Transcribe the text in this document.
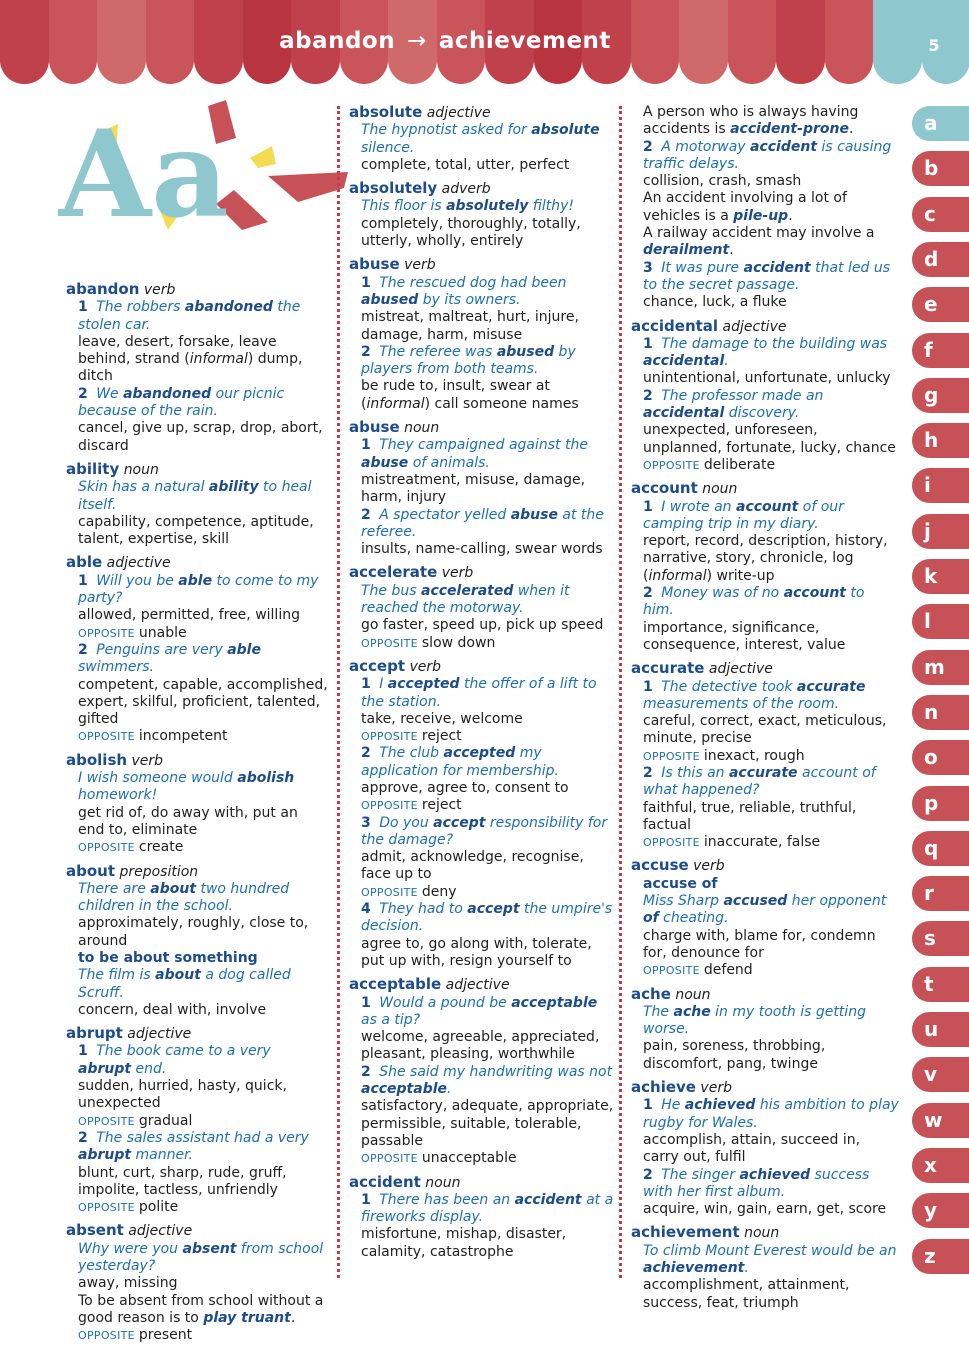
abandon → achievement	5
Aa
abandon verb
1 The robbers abandoned the stolen car.
leave, desert, forsake, leave behind, strand (informal) dump, ditch
2 We abandoned our picnic because of the rain.
cancel, give up, scrap, drop, abort, discard
ability noun
Skin has a natural ability to heal itself.
capability, competence, aptitude, talent, expertise, skill
able adjective
1 Will you be able to come to my party?
allowed, permitted, free, willing
OPPOSITE unable
2 Penguins are very able swimmers.
competent, capable, accomplished, expert, skilful, proficient, talented, gifted
OPPOSITE incompetent
abolish verb
I wish someone would abolish homework!
get rid of, do away with, put an end to, eliminate
OPPOSITE create
about preposition
There are about two hundred children in the school.
approximately, roughly, close to, around
to be about something
The film is about a dog called Scruff.
concern, deal with, involve
abrupt adjective
1 The book came to a very abrupt end.
sudden, hurried, hasty, quick, unexpected
OPPOSITE gradual
2 The sales assistant had a very abrupt manner.
blunt, curt, sharp, rude, gruff, impolite, tactless, unfriendly
OPPOSITE polite
absent adjective
Why were you absent from school yesterday?
away, missing
To be absent from school without a good reason is to play truant.
OPPOSITE present
absolute adjective
The hypnotist asked for absolute silence.
complete, total, utter, perfect
absolutely adverb
This floor is absolutely filthy!
completely, thoroughly, totally, utterly, wholly, entirely
abuse verb
1 The rescued dog had been abused by its owners.
mistreat, maltreat, hurt, injure, damage, harm, misuse
2 The referee was abused by players from both teams.
be rude to, insult, swear at (informal) call someone names
abuse noun
1 They campaigned against the abuse of animals.
mistreatment, misuse, damage, harm, injury
2 A spectator yelled abuse at the referee.
insults, name-calling, swear words
accelerate verb
The bus accelerated when it reached the motorway.
go faster, speed up, pick up speed
OPPOSITE slow down
accept verb
1 I accepted the offer of a lift to the station.
take, receive, welcome
OPPOSITE reject
2 The club accepted my application for membership.
approve, agree to, consent to
OPPOSITE reject
3 Do you accept responsibility for the damage?
admit, acknowledge, recognise, face up to
OPPOSITE deny
4 They had to accept the umpire's decision.
agree to, go along with, tolerate, put up with, resign yourself to
acceptable adjective
1 Would a pound be acceptable as a tip?
welcome, agreeable, appreciated, pleasant, pleasing, worthwhile
2 She said my handwriting was not acceptable.
satisfactory, adequate, appropriate, permissible, suitable, tolerable, passable
OPPOSITE unacceptable
accident noun
1 There has been an accident at a fireworks display.
misfortune, mishap, disaster, calamity, catastrophe
A person who is always having accidents is accident-prone.
2 A motorway accident is causing traffic delays.
collision, crash, smash
An accident involving a lot of vehicles is a pile-up.
A railway accident may involve a derailment.
3 It was pure accident that led us to the secret passage.
chance, luck, a fluke
accidental adjective
1 The damage to the building was accidental.
unintentional, unfortunate, unlucky
2 The professor made an accidental discovery.
unexpected, unforeseen, unplanned, fortunate, lucky, chance
OPPOSITE deliberate
account noun
1 I wrote an account of our camping trip in my diary.
report, record, description, history, narrative, story, chronicle, log (informal) write-up
2 Money was of no account to him.
importance, significance, consequence, interest, value
accurate adjective
1 The detective took accurate measurements of the room.
careful, correct, exact, meticulous, minute, precise
OPPOSITE inexact, rough
2 Is this an accurate account of what happened?
faithful, true, reliable, truthful, factual
OPPOSITE inaccurate, false
accuse verb
accuse of
Miss Sharp accused her opponent of cheating.
charge with, blame for, condemn for, denounce for
OPPOSITE defend
ache noun
The ache in my tooth is getting worse.
pain, soreness, throbbing, discomfort, pang, twinge
achieve verb
1 He achieved his ambition to play rugby for Wales.
accomplish, attain, succeed in, carry out, fulfil
2 The singer achieved success with her first album.
acquire, win, gain, earn, get, score
achievement noun
To climb Mount Everest would be an achievement.
accomplishment, attainment, success, feat, triumph
a
b
c
d
e
f
g
h
i
j
k
l
m
n
o
p
q
r
s
t
u
v
w
x
y
z
